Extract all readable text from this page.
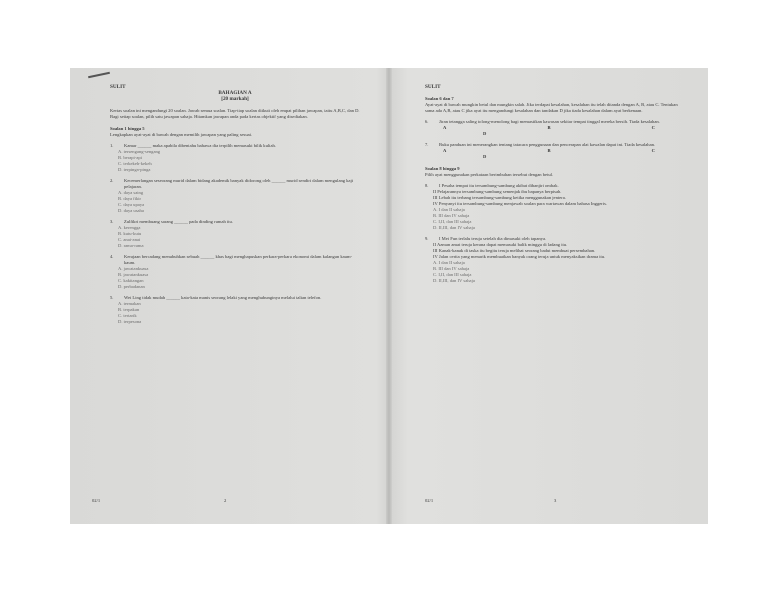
SULIT
BAHAGIAN A
[20 markah]

Kertas soalan ini mengandungi 20 soalan. Jawab semua soalan. Tiap-tiap soalan diikuti oleh empat pilihan jawapan, iaitu A,B,C, dan D. Bagi setiap soalan, pilih satu jawapan sahaja. Hitamkan jawapan anda pada kertas objektif yang disediakan.

Soalan 1 hingga 5
Lengkapkan ayat-ayat di bawah dengan memilih jawapan yang paling sesuai.
1.	Kamar ______ maka apabila dibentahu bahawa dia terpilih memasuki bilik kuliah.
A. tersengang-sengang
B. berapi-api
C. terkekeh-kekeh
D. terpinga-pinga
2.	Kecemerlangan seseorang murid dalam bidang akademik banyak didorong oleh ______ murid sendiri dalam mengulang kaji pelajaran.
A. daya saing
B. daya fikir
C. daya upaya
D. daya usaha
3.	Zulfikri membuang sarang ______ pada dinding rumah itu.
A. kerengga
B. kutu-kutu
C. anai-anai
D. rama-rama
4.	Kerajaan bercadang menubuhkan sebuah ______ khas bagi menghapuskan perkara-perkara ekonomi dalam kalangan kaum-kaum.
A. jawatankuasa
B. jawatankuasa
C. kakitangan
D. perbadanan
5.	Wei Ling tidak mudah ______ kata-kata manis seorang lelaki yang menghubunginya melalui talian telefon.
A. termakan
B. terpakan
C. tertarik
D. terpesona
02/1	2
SULIT
Soalan 6 dan 7

Ayat-ayat di bawah mungkin betul dan mungkin salah. Jika terdapat kesalahan, kesalahan itu telah ditanda dengan A, B, atau C. Tentukan sama ada A,B, atau C jika ayat itu mengandungi kesalahan dan tandakan D jika tiada kesalahan dalam ayat berkenaan.

6.	Jiran tetangga saling tolong-menolong bagi memastikan kawasan sekitar tempat tinggal mereka bersih. Tiada kesalahan.
A	B	C
D
7.	Buku panduan ini menerangkan tentang tatacara penggunaan dan pencerapan alat kawalan dapat ini. Tiada kesalahan.
A	B	C
D
Soalan 8 hingga 9
Pilih ayat menggunakan perkataan berimbuhan tersebut dengan betul.
8.	I Pesaha tempat itu tersambung-sambung akibat dibanjiri ombak.
II Pelajarannya tersambung-sambung semenjak ibu bapanya berpisah.
III Lebah itu terbang tersambung-sambung ketika menggunakan jentera.
IV Penyanyi itu tersambung-sambung menjawab soalan para wartawan dalam bahasa Inggeris.
A. I dan II sahaja
B. III dan IV sahaja
C. I,II, dan III sahaja
D. II,III, dan IV sahaja
9.	I Mei Fun terlalu teruja setelah dia dimasuki oleh tapanya.
II Azman amat teruja kerana dapat memasuki balik minggu di ladang itu.
III Kanak-kanak di taska itu begitu teruja melihat seorang badut membuat persembahan.
IV Jalan cerita yang menarik membuatkan banyak orang teruja untuk menyaksikan drama itu.
A. I dan II sahaja
B. III dan IV sahaja
C. I,II, dan III sahaja
D. II,III, dan IV sahaja
02/1	3
